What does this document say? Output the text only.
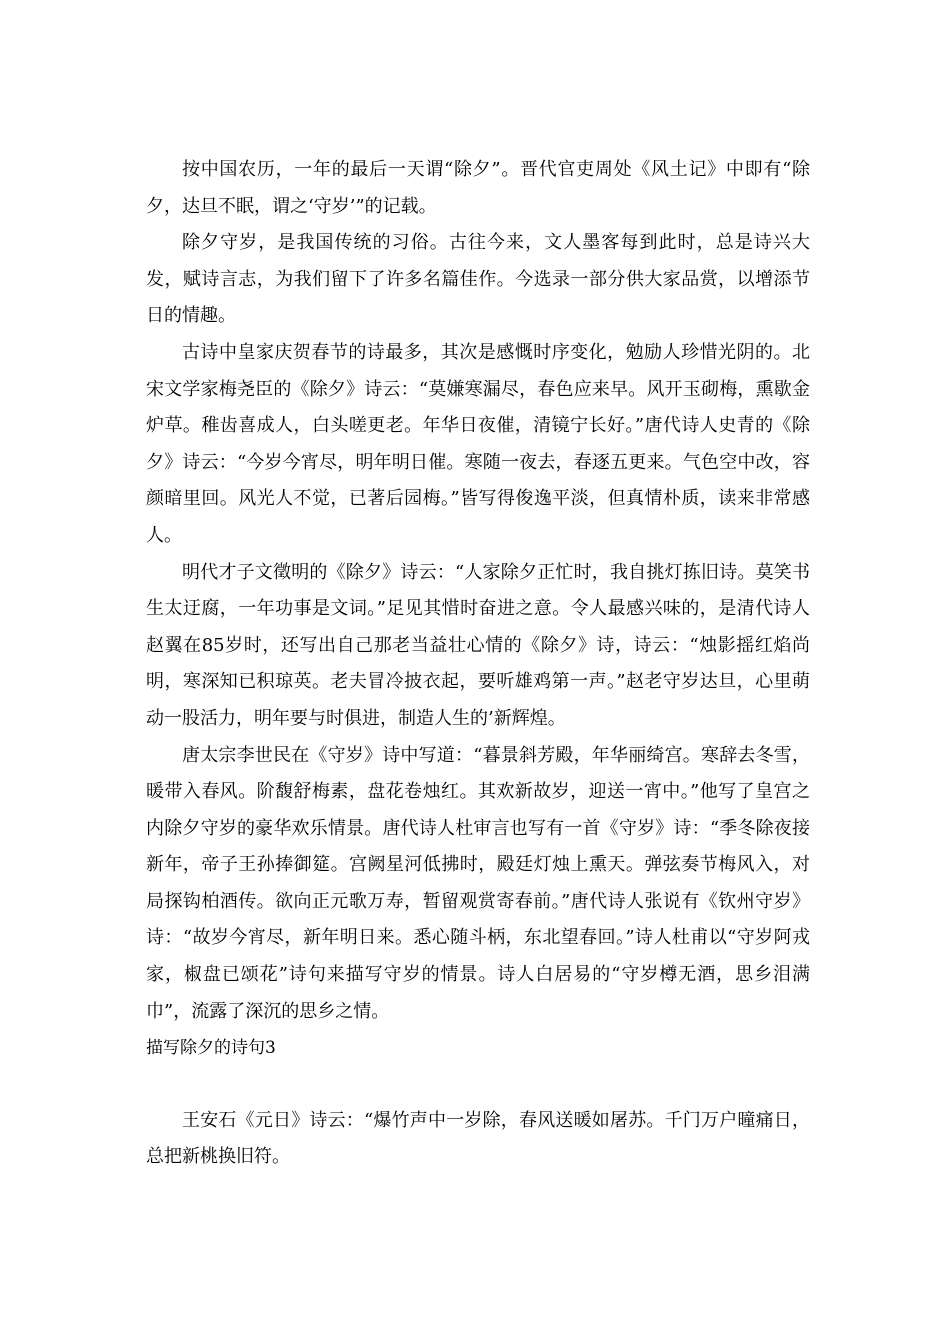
按中国农历，一年的最后一天谓“除夕”。晋代官吏周处《风土记》中即有“除夕，达旦不眠，谓之‘守岁’”的记载。

除夕守岁，是我国传统的习俗。古往今来，文人墨客每到此时，总是诗兴大发，赋诗言志，为我们留下了许多名篇佳作。今选录一部分供大家品赏，以增添节日的情趣。

古诗中皇家庆贺春节的诗最多，其次是感慨时序变化，勉励人珍惜光阴的。北宋文学家梅尧臣的《除夕》诗云：“莫嫌寒漏尽，春色应来早。风开玉砌梅，熏歇金炉草。稚齿喜成人，白头嗟更老。年华日夜催，清镜宁长好。”唐代诗人史青的《除夕》诗云：“今岁今宵尽，明年明日催。寒随一夜去，春逐五更来。气色空中改，容颜暗里回。风光人不觉，已著后园梅。”皆写得俊逸平淡，但真情朴质，读来非常感人。

明代才子文徵明的《除夕》诗云：“人家除夕正忙时，我自挑灯拣旧诗。莫笑书生太迂腐，一年功事是文词。”足见其惜时奋进之意。令人最感兴味的，是清代诗人赵翼在85岁时，还写出自己那老当益壮心情的《除夕》诗，诗云：“烛影摇红焰尚明，寒深知已积琼英。老夫冒冷披衣起，要听雄鸡第一声。”赵老守岁达旦，心里萌动一股活力，明年要与时俱进，制造人生的’新辉煌。

唐太宗李世民在《守岁》诗中写道：“暮景斜芳殿，年华丽绮宫。寒辞去冬雪，暖带入春风。阶馥舒梅素，盘花卷烛红。其欢新故岁，迎送一宵中。”他写了皇宫之内除夕守岁的豪华欢乐情景。唐代诗人杜审言也写有一首《守岁》诗：“季冬除夜接新年，帝子王孙捧御筵。宫阙星河低拂时，殿廷灯烛上熏天。弹弦奏节梅风入，对局探钩柏酒传。欲向正元歌万寿，暂留观赏寄春前。”唐代诗人张说有《钦州守岁》诗：“故岁今宵尽，新年明日来。悉心随斗柄，东北望春回。”诗人杜甫以“守岁阿戎家，椒盘已颂花”诗句来描写守岁的情景。诗人白居易的“守岁樽无酒，思乡泪满巾”，流露了深沉的思乡之情。

描写除夕的诗句3

王安石《元日》诗云：“爆竹声中一岁除，春风送暖如屠苏。千门万户曈痛日，总把新桃换旧符。
